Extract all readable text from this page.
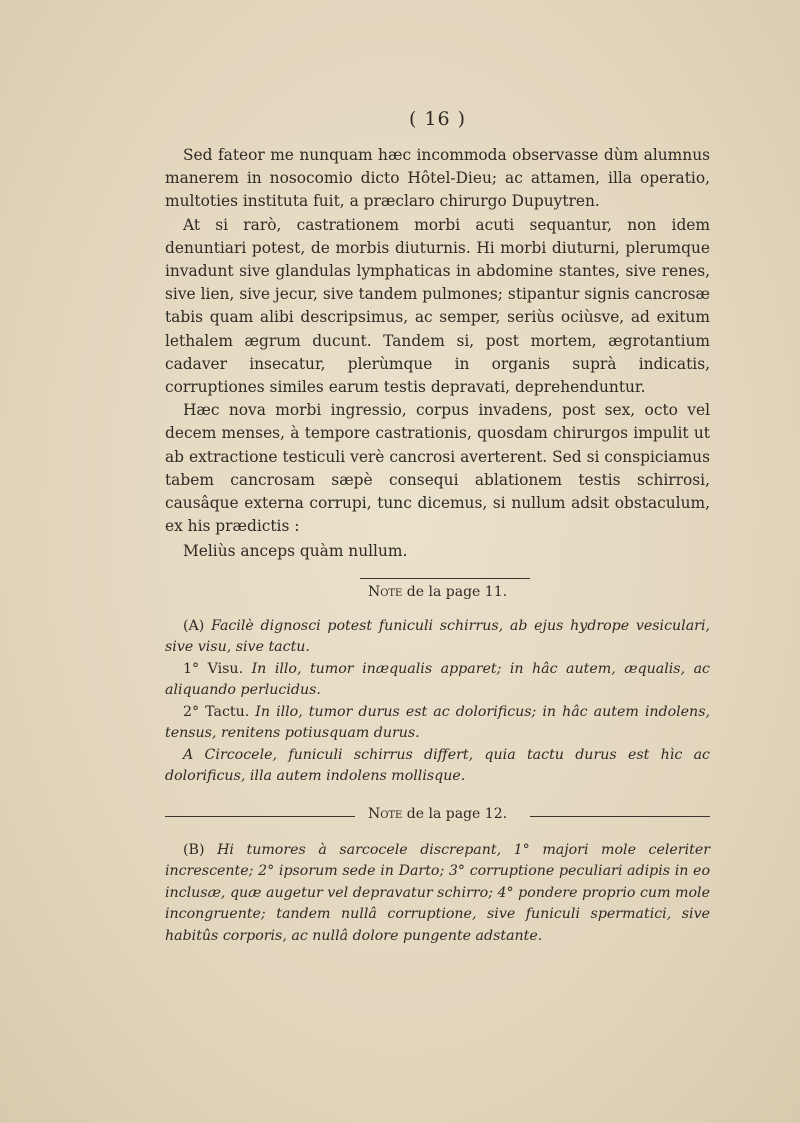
( 16 )

Sed fateor me nunquam hæc incommoda observasse dùm alumnus manerem in nosocomio dicto Hôtel-Dieu; ac attamen, illa operatio, multoties instituta fuit, a præclaro chirurgo Dupuytren.

At si rarò, castrationem morbi acuti sequantur, non idem denuntiari potest, de morbis diuturnis. Hi morbi diuturni, plerumque invadunt sive glandulas lymphaticas in abdomine stantes, sive renes, sive lien, sive jecur, sive tandem pulmones; stipantur signis cancrosæ tabis quam alibi descripsimus, ac semper, seriùs ociùsve, ad exitum lethalem ægrum ducunt. Tandem si, post mortem, ægrotantium cadaver insecatur, plerùmque in organis suprà indicatis, corruptiones similes earum testis depravati, deprehenduntur.

Hæc nova morbi ingressio, corpus invadens, post sex, octo vel decem menses, à tempore castrationis, quosdam chirurgos impulit ut ab extractione testiculi verè cancrosi averterent. Sed si conspiciamus tabem cancrosam sæpè consequi ablationem testis schirrosi, causâque externa corrupi, tunc dicemus, si nullum adsit obstaculum, ex his prædictis :

Meliùs anceps quàm nullum.

Note de la page 11.

(A) Facilè dignosci potest funiculi schirrus, ab ejus hydrope vesiculari, sive visu, sive tactu.

1° Visu. In illo, tumor inæqualis apparet; in hâc autem, æqualis, ac aliquando perlucidus.

2° Tactu. In illo, tumor durus est ac dolorificus; in hâc autem indolens, tensus, renitens potiusquam durus.

A Circocele, funiculi schirrus differt, quia tactu durus est hìc ac dolorificus, illa autem indolens mollisque.

Note de la page 12.

(B) Hi tumores à sarcocele discrepant, 1° majori mole celeriter increscente; 2° ipsorum sede in Darto; 3° corruptione peculiari adipis in eo inclusæ, quæ augetur vel depravatur schirro; 4° pondere proprio cum mole incongruente; tandem nullâ corruptione, sive funiculi spermatici, sive habitûs corporis, ac nullâ dolore pungente adstante.
